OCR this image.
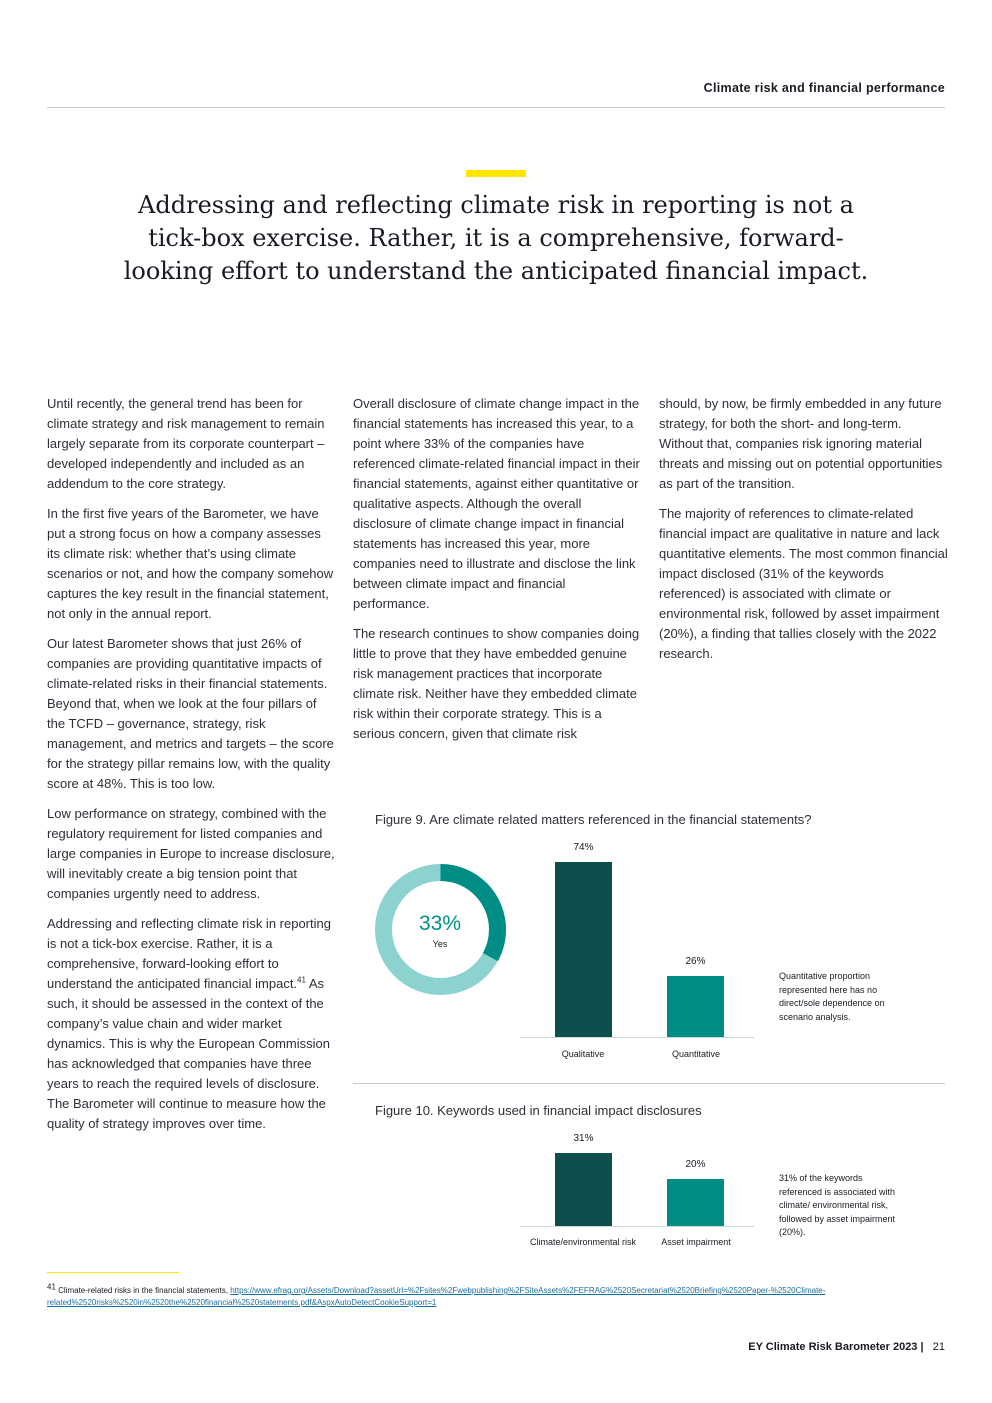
Climate risk and financial performance
Addressing and reflecting climate risk in reporting is not a tick-box exercise. Rather, it is a comprehensive, forward-looking effort to understand the anticipated financial impact.

Until recently, the general trend has been for climate strategy and risk management to remain largely separate from its corporate counterpart – developed independently and included as an addendum to the core strategy.

In the first five years of the Barometer, we have put a strong focus on how a company assesses its climate risk: whether that’s using climate scenarios or not, and how the company somehow captures the key result in the financial statement, not only in the annual report.

Our latest Barometer shows that just 26% of companies are providing quantitative impacts of climate-related risks in their financial statements. Beyond that, when we look at the four pillars of the TCFD – governance, strategy, risk management, and metrics and targets – the score for the strategy pillar remains low, with the quality score at 48%. This is too low.

Low performance on strategy, combined with the regulatory requirement for listed companies and large companies in Europe to increase disclosure, will inevitably create a big tension point that companies urgently need to address.

Addressing and reflecting climate risk in reporting is not a tick-box exercise. Rather, it is a comprehensive, forward-looking effort to understand the anticipated financial impact.$^{41}$ As such, it should be assessed in the context of the company’s value chain and wider market dynamics. This is why the European Commission has acknowledged that companies have three years to reach the required levels of disclosure. The Barometer will continue to measure how the quality of strategy improves over time.

Overall disclosure of climate change impact in the financial statements has increased this year, to a point where 33% of the companies have referenced climate-related financial impact in their financial statements, against either quantitative or qualitative aspects. Although the overall disclosure of climate change impact in financial statements has increased this year, more companies need to illustrate and disclose the link between climate impact and financial performance.

The research continues to show companies doing little to prove that they have embedded genuine risk management practices that incorporate climate risk. Neither have they embedded climate risk within their corporate strategy. This is a serious concern, given that climate risk

should, by now, be firmly embedded in any future strategy, for both the short- and long-term. Without that, companies risk ignoring material threats and missing out on potential opportunities as part of the transition.

The majority of references to climate-related financial impact are qualitative in nature and lack quantitative elements. The most common financial impact disclosed (31% of the keywords referenced) is associated with climate or environmental risk, followed by asset impairment (20%), a finding that tallies closely with the 2022 research.

Figure 9. Are climate related matters referenced in the financial statements?
33%
Yes
74%
26%
Qualitative	Quantitative
Quantitative proportion represented here has no direct/sole dependence on scenario analysis.
Figure 10. Keywords used in financial impact disclosures
31%
20%
Climate/environmental risk	Asset impairment
31% of the keywords referenced is associated with climate/ environmental risk, followed by asset impairment (20%).
$^{41}$ Climate-related risks in the financial statements, https://www.efrag.org/Assets/Download?assetUrl=%2Fsites%2Fwebpublishing%2FSiteAssets%2FEFRAG%2520Secretariat%2520Briefing%2520Paper-%2520Climate-related%2520risks%2520in%2520the%2520financial%2520statements.pdf&AspxAutoDetectCookieSupport=1
EY Climate Risk Barometer 2023 | 21
